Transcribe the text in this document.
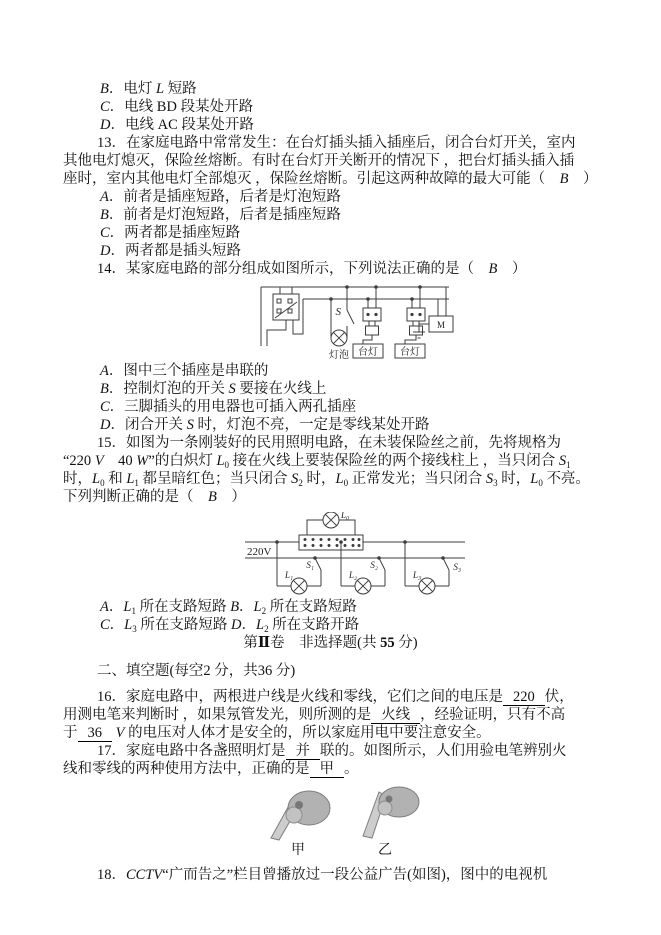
B．电灯 L 短路
C．电线 BD 段某处开路
D．电线 AC 段某处开路
13．在家庭电路中常常发生：在台灯插头插入插座后，闭合台灯开关，室内
其他电灯熄灭，保险丝熔断。有时在台灯开关断开的情况下 ，把台灯插头插入插
座时，室内其他电灯全部熄灭 ，保险丝熔断。引起这两种故障的最大可能（　B　）
A．前者是插座短路，后者是灯泡短路
B．前者是灯泡短路，后者是插座短路
C．两者都是插座短路
D．两者都是插头短路
14．某家庭电路的部分组成如图所示，下列说法正确的是（　B　）
S
灯泡 台灯 台灯
M
A．图中三个插座是串联的
B．控制灯泡的开关 S 要接在火线上
C．三脚插头的用电器也可插入两孔插座
D．闭合开关 S 时，灯泡不亮，一定是零线某处开路
15．如图为一条刚装好的民用照明电路，在未装保险丝之前，先将规格为
“220 V　40 W”的白炽灯 $L_0$ 接在火线上要装保险丝的两个接线柱上 ，当只闭合 $S_1$
时，$L_0$ 和 $L_1$ 都呈暗红色；当只闭合 $S_2$ 时，$L_0$ 正常发光；当只闭合 $S_3$ 时，$L_0$ 不亮。
下列判断正确的是（　B　）
220V
L₀
L₁
S₁
L₂
S₂
L₃
S₃
A．$L_1$ 所在支路短路 B．$L_2$ 所在支路短路
C．$L_3$ 所在支路短路 D．$L_2$ 所在支路开路
第Ⅱ卷　非选择题(共 55 分)
二、填空题(每空2 分，共36 分)
16．家庭电路中，两根进户线是火线和零线，它们之间的电压是 220 伏，
用测电笔来判断时 ，如果氖管发光，则所测的是 火线 ，经验证明，只有不高
于 36 V 的电压对人体才是安全的，所以家庭用电中要注意安全。
17．家庭电路中各盏照明灯是 并 联的。如图所示，人们用验电笔辨别火
线和零线的两种使用方法中，正确的是 甲 。
甲	乙
18．CCTV“广而告之”栏目曾播放过一段公益广告(如图)，图中的电视机
